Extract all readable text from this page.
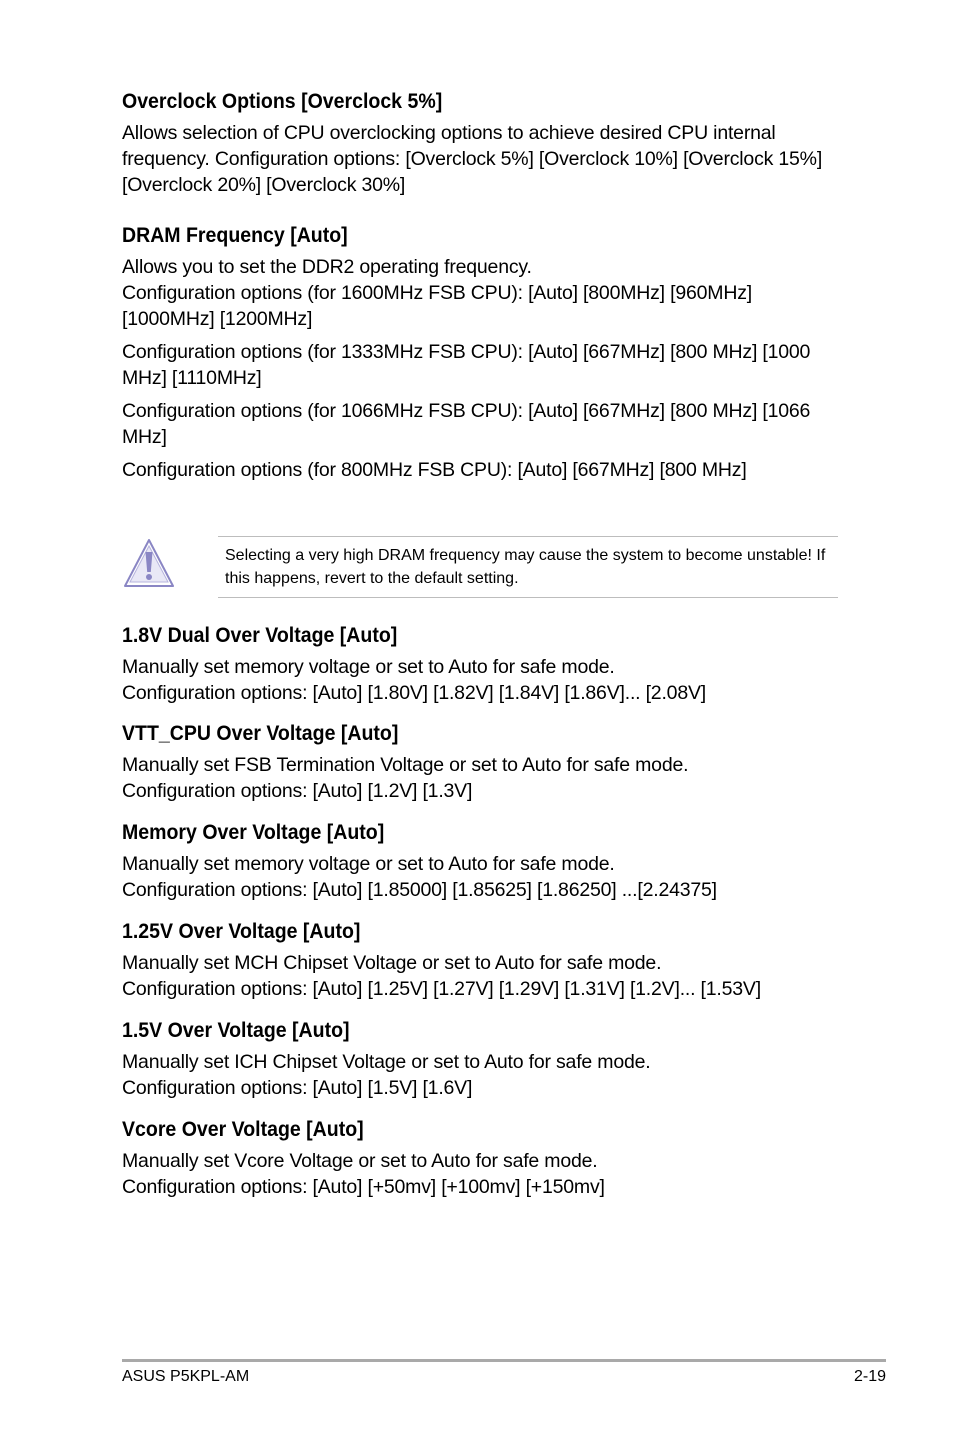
Overclock Options [Overclock 5%]

Allows selection of CPU overclocking options to achieve desired CPU internal frequency. Configuration options: [Overclock 5%] [Overclock 10%] [Overclock 15%] [Overclock 20%] [Overclock 30%]

DRAM Frequency [Auto]

Allows you to set the DDR2 operating frequency.
Configuration options (for 1600MHz FSB CPU): [Auto] [800MHz] [960MHz] [1000MHz] [1200MHz]

Configuration options (for 1333MHz FSB CPU): [Auto] [667MHz] [800 MHz] [1000 MHz] [1110MHz]

Configuration options (for 1066MHz FSB CPU): [Auto] [667MHz] [800 MHz] [1066 MHz]

Configuration options (for 800MHz FSB CPU): [Auto] [667MHz] [800 MHz]

Selecting a very high DRAM frequency may cause the system to become unstable! If this happens, revert to the default setting.
1.8V Dual Over Voltage [Auto]

Manually set memory voltage or set to Auto for safe mode.

Configuration options: [Auto] [1.80V] [1.82V] [1.84V] [1.86V]... [2.08V]

VTT_CPU Over Voltage [Auto]

Manually set FSB Termination Voltage or set to Auto for safe mode.

Configuration options: [Auto] [1.2V] [1.3V]

Memory Over Voltage [Auto]

Manually set memory voltage or set to Auto for safe mode.

Configuration options: [Auto] [1.85000] [1.85625] [1.86250] ...[2.24375]

1.25V Over Voltage [Auto]

Manually set MCH Chipset Voltage or set to Auto for safe mode.

Configuration options: [Auto] [1.25V] [1.27V] [1.29V] [1.31V] [1.2V]... [1.53V]

1.5V Over Voltage [Auto]

Manually set ICH Chipset Voltage or set to Auto for safe mode.

Configuration options: [Auto] [1.5V] [1.6V]

Vcore Over Voltage [Auto]

Manually set Vcore Voltage or set to Auto for safe mode.

Configuration options: [Auto] [+50mv] [+100mv] [+150mv]

ASUS P5KPL-AM	2-19
